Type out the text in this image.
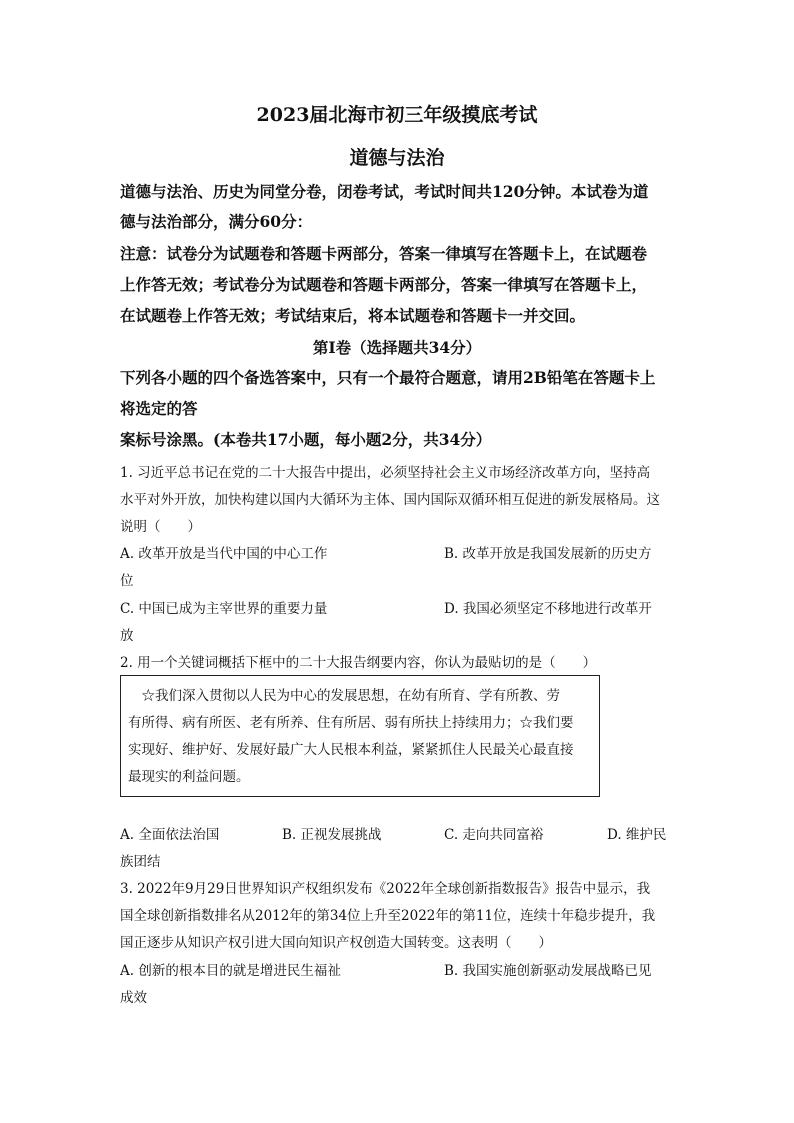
2023届北海市初三年级摸底考试
道德与法治
道德与法治、历史为同堂分卷，闭卷考试，考试时间共120分钟。本试卷为道
德与法治部分，满分60分：
注意：试卷分为试题卷和答题卡两部分，答案一律填写在答题卡上，在试题卷
上作答无效；考试卷分为试题卷和答题卡两部分，答案一律填写在答题卡上，
在试题卷上作答无效；考试结束后，将本试题卷和答题卡一并交回。
第I卷（选择题共34分）
下列各小题的四个备选答案中，只有一个最符合题意，请用2B铅笔在答题卡上
将选定的答
案标号涂黑。(本卷共17小题，每小题2分，共34分）
1. 习近平总书记在党的二十大报告中提出，必须坚持社会主义市场经济改革方向，坚持高
水平对外开放，加快构建以国内大循环为主体、国内国际双循环相互促进的新发展格局。这
说明（　　）
A. 改革开放是当代中国的中心工作	B. 改革开放是我国发展新的历史方
位
C. 中国已成为主宰世界的重要力量	D. 我国必须坚定不移地进行改革开
放
2. 用一个关键词概括下框中的二十大报告纲要内容，你认为最贴切的是（　　）
　☆我们深入贯彻以人民为中心的发展思想，在幼有所育、学有所教、劳
有所得、病有所医、老有所养、住有所居、弱有所扶上持续用力；☆我们要
实现好、维护好、发展好最广大人民根本利益，紧紧抓住人民最关心最直接
最现实的利益问题。
A. 全面依法治国	B. 正视发展挑战	C. 走向共同富裕	D. 维护民
族团结
3. 2022年9月29日世界知识产权组织发布《2022年全球创新指数报告》报告中显示，我
国全球创新指数排名从2012年的第34位上升至2022年的第11位，连续十年稳步提升，我
国正逐步从知识产权引进大国向知识产权创造大国转变。这表明（　　）
A. 创新的根本目的就是增进民生福祉	B. 我国实施创新驱动发展战略已见
成效
